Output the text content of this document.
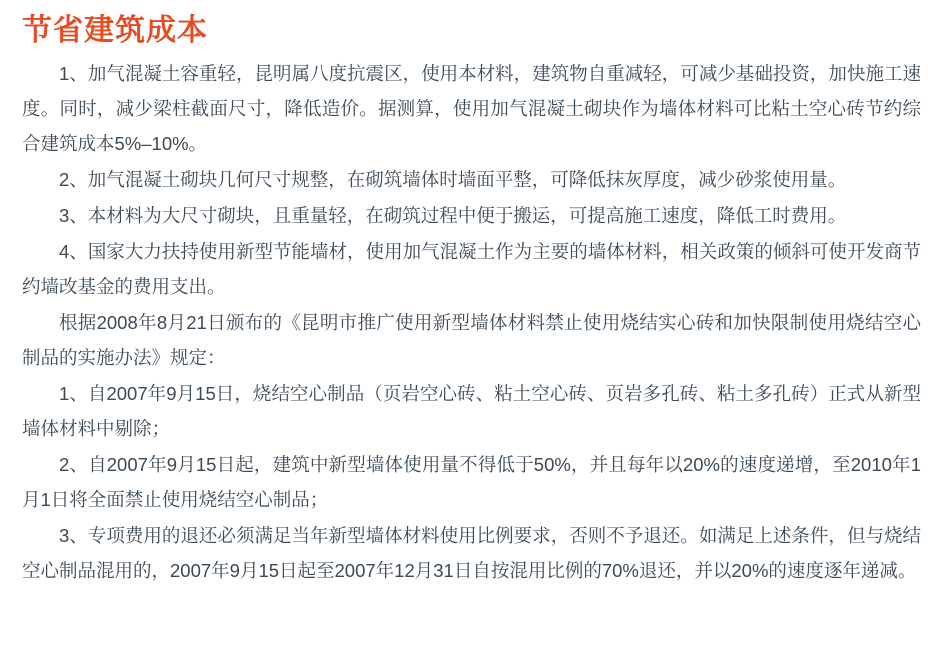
节省建筑成本

1、加气混凝土容重轻，昆明属八度抗震区，使用本材料，建筑物自重减轻，可减少基础投资，加快施工速度。同时，减少梁柱截面尺寸，降低造价。据测算，使用加气混凝土砌块作为墙体材料可比粘土空心砖节约综合建筑成本5%–10%。

2、加气混凝土砌块几何尺寸规整，在砌筑墙体时墙面平整，可降低抹灰厚度，减少砂浆使用量。

3、本材料为大尺寸砌块，且重量轻，在砌筑过程中便于搬运，可提高施工速度，降低工时费用。

4、国家大力扶持使用新型节能墙材，使用加气混凝土作为主要的墙体材料，相关政策的倾斜可使开发商节约墙改基金的费用支出。

根据2008年8月21日颁布的《昆明市推广使用新型墙体材料禁止使用烧结实心砖和加快限制使用烧结空心制品的实施办法》规定：

1、自2007年9月15日，烧结空心制品（页岩空心砖、粘土空心砖、页岩多孔砖、粘土多孔砖）正式从新型墙体材料中剔除；

2、自2007年9月15日起，建筑中新型墙体使用量不得低于50%，并且每年以20%的速度递增，至2010年1月1日将全面禁止使用烧结空心制品；

3、专项费用的退还必须满足当年新型墙体材料使用比例要求，否则不予退还。如满足上述条件，但与烧结空心制品混用的，2007年9月15日起至2007年12月31日自按混用比例的70%退还，并以20%的速度逐年递减。
